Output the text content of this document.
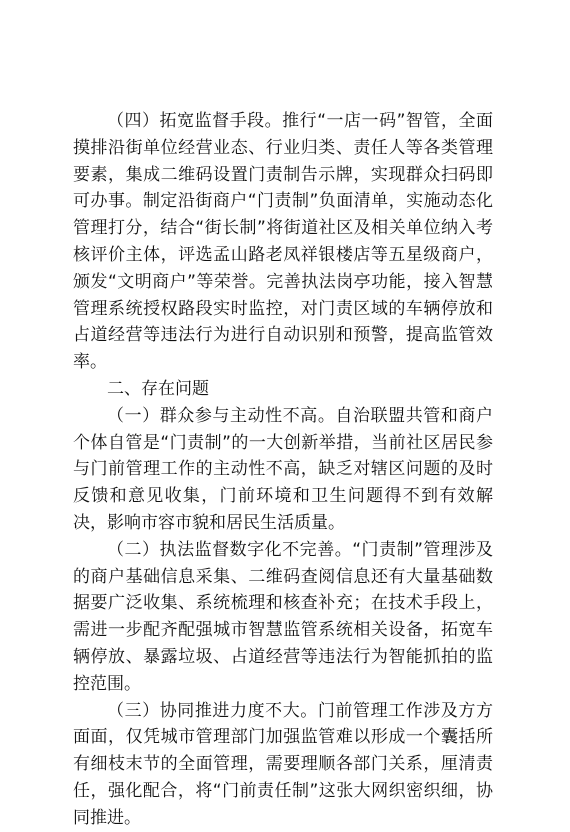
（四）拓宽监督手段。推行“一店一码”智管，全面摸排沿街单位经营业态、行业归类、责任人等各类管理要素，集成二维码设置门责制告示牌，实现群众扫码即可办事。制定沿街商户“门责制”负面清单，实施动态化管理打分，结合“街长制”将街道社区及相关单位纳入考核评价主体，评选孟山路老凤祥银楼店等五星级商户，颁发“文明商户”等荣誉。完善执法岗亭功能，接入智慧管理系统授权路段实时监控，对门责区域的车辆停放和占道经营等违法行为进行自动识别和预警，提高监管效率。

二、存在问题

（一）群众参与主动性不高。自治联盟共管和商户个体自管是“门责制”的一大创新举措，当前社区居民参与门前管理工作的主动性不高，缺乏对辖区问题的及时反馈和意见收集，门前环境和卫生问题得不到有效解决，影响市容市貌和居民生活质量。

（二）执法监督数字化不完善。“门责制”管理涉及的商户基础信息采集、二维码查阅信息还有大量基础数据要广泛收集、系统梳理和核查补充；在技术手段上，需进一步配齐配强城市智慧监管系统相关设备，拓宽车辆停放、暴露垃圾、占道经营等违法行为智能抓拍的监控范围。

（三）协同推进力度不大。门前管理工作涉及方方面面，仅凭城市管理部门加强监管难以形成一个囊括所有细枝末节的全面管理，需要理顺各部门关系，厘清责任，强化配合，将“门前责任制”这张大网织密织细，协同推进。
